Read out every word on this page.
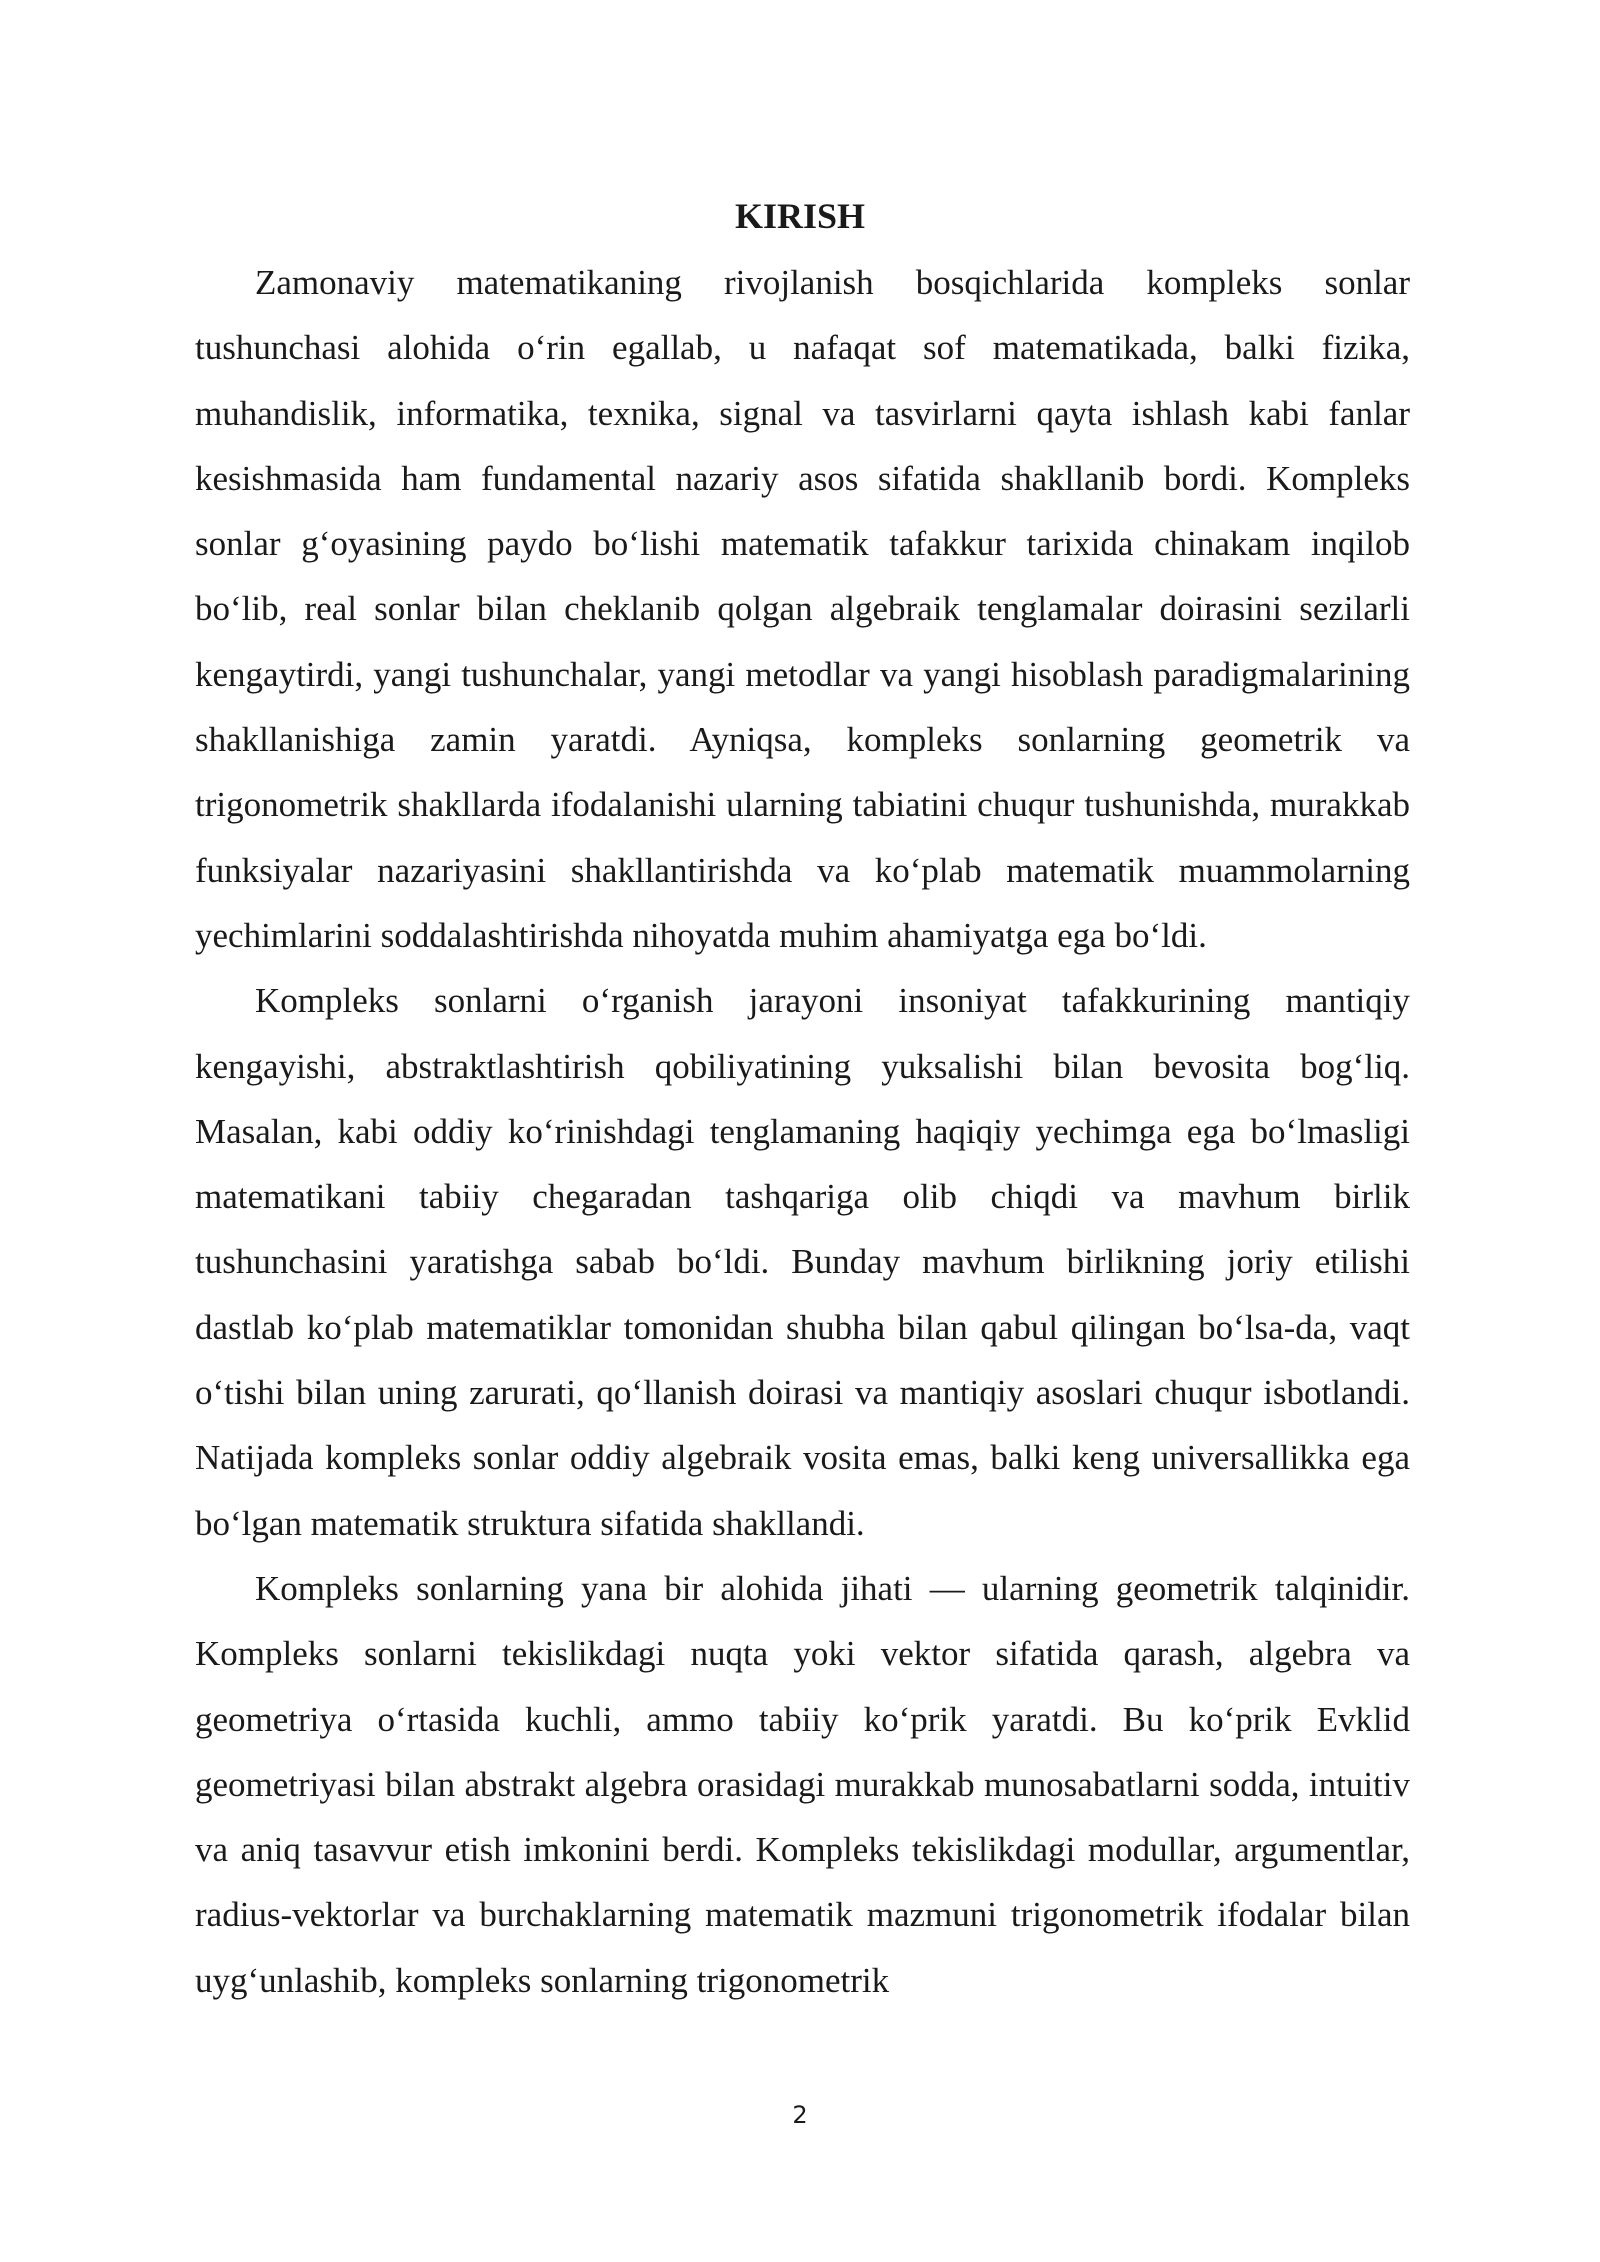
KIRISH

Zamonaviy matematikaning rivojlanish bosqichlarida kompleks sonlar tushunchasi alohida o‘rin egallab, u nafaqat sof matematikada, balki fizika, muhandislik, informatika, texnika, signal va tasvirlarni qayta ishlash kabi fanlar kesishmasida ham fundamental nazariy asos sifatida shakllanib bordi. Kompleks sonlar g‘oyasining paydo bo‘lishi matematik tafakkur tarixida chinakam inqilob bo‘lib, real sonlar bilan cheklanib qolgan algebraik tenglamalar doirasini sezilarli kengaytirdi, yangi tushunchalar, yangi metodlar va yangi hisoblash paradigmalarining shakllanishiga zamin yaratdi. Ayniqsa, kompleks sonlarning geometrik va trigonometrik shakllarda ifodalanishi ularning tabiatini chuqur tushunishda, murakkab funksiyalar nazariyasini shakllantirishda va ko‘plab matematik muammolarning yechimlarini soddalashtirishda nihoyatda muhim ahamiyatga ega bo‘ldi.

Kompleks sonlarni o‘rganish jarayoni insoniyat tafakkurining mantiqiy kengayishi, abstraktlashtirish qobiliyatining yuksalishi bilan bevosita bog‘liq. Masalan, kabi oddiy ko‘rinishdagi tenglamaning haqiqiy yechimga ega bo‘lmasligi matematikani tabiiy chegaradan tashqariga olib chiqdi va mavhum birlik tushunchasini yaratishga sabab bo‘ldi. Bunday mavhum birlikning joriy etilishi dastlab ko‘plab matematiklar tomonidan shubha bilan qabul qilingan bo‘lsa-da, vaqt o‘tishi bilan uning zarurati, qo‘llanish doirasi va mantiqiy asoslari chuqur isbotlandi. Natijada kompleks sonlar oddiy algebraik vosita emas, balki keng universallikka ega bo‘lgan matematik struktura sifatida shakllandi.

Kompleks sonlarning yana bir alohida jihati — ularning geometrik talqinidir. Kompleks sonlarni tekislikdagi nuqta yoki vektor sifatida qarash, algebra va geometriya o‘rtasida kuchli, ammo tabiiy ko‘prik yaratdi. Bu ko‘prik Evklid geometriyasi bilan abstrakt algebra orasidagi murakkab munosabatlarni sodda, intuitiv va aniq tasavvur etish imkonini berdi. Kompleks tekislikdagi modullar, argumentlar, radius-vektorlar va burchaklarning matematik mazmuni trigonometrik ifodalar bilan uyg‘unlashib, kompleks sonlarning trigonometrik

2
